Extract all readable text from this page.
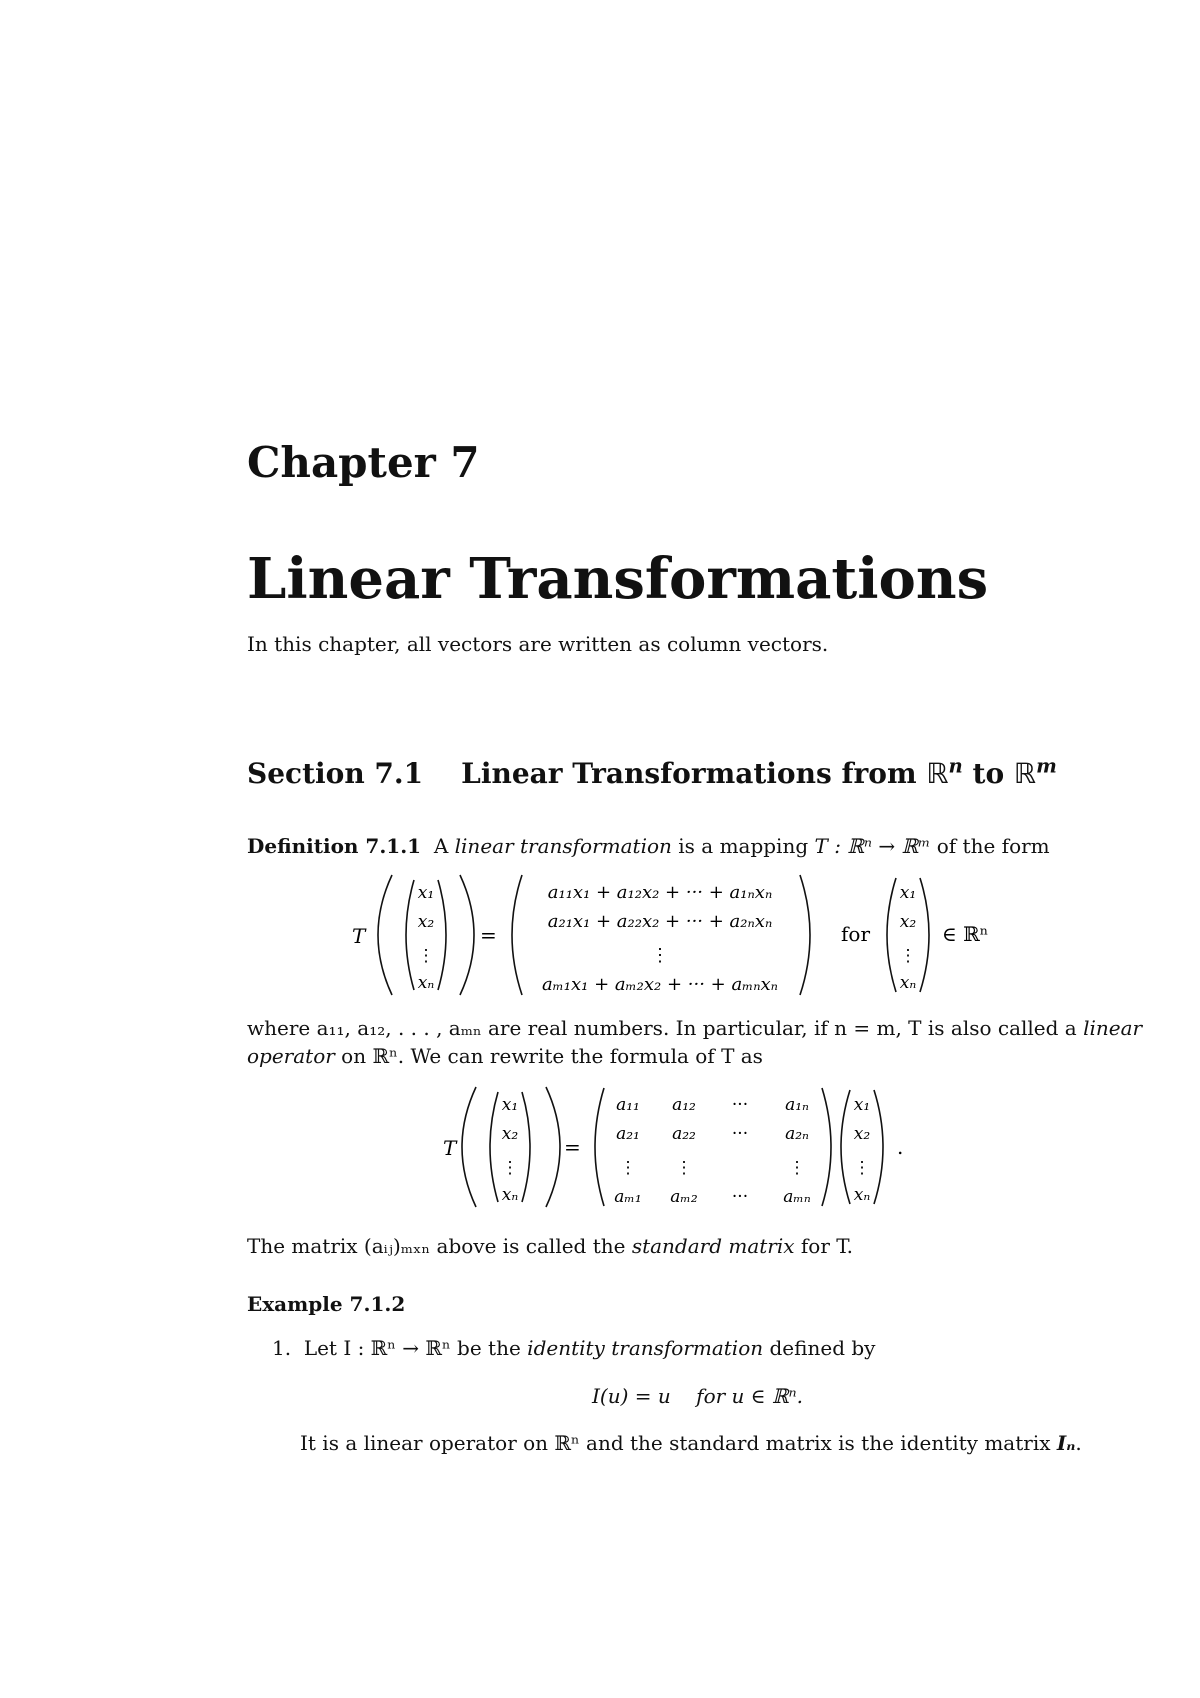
Chapter 7
Linear Transformations
In this chapter, all vectors are written as column vectors.
Section 7.1 Linear Transformations from ℝ$^n$ to ℝ$^m$
Definition 7.1.1 A linear transformation is a mapping T : ℝⁿ → ℝᵐ of the form
T
x₁
x₂
⋮
xₙ
=
a₁₁x₁ + a₁₂x₂ + ··· + a₁ₙxₙ
a₂₁x₁ + a₂₂x₂ + ··· + a₂ₙxₙ
⋮
aₘ₁x₁ + aₘ₂x₂ + ··· + aₘₙxₙ
for
x₁
x₂
⋮
xₙ
∈ ℝⁿ
where a₁₁, a₁₂, . . . , aₘₙ are real numbers. In particular, if n = m, T is also called a linear
operator on ℝⁿ. We can rewrite the formula of T as
T
x₁
x₂
⋮
xₙ
=
a₁₁ a₁₂ ··· a₁ₙ
a₂₁ a₂₂ ··· a₂ₙ
⋮ ⋮	⋮
aₘ₁ aₘ₂ ··· aₘₙ
x₁
x₂
⋮
xₙ
.
The matrix (aᵢⱼ)ₘₓₙ above is called the standard matrix for T.
Example 7.1.2
1. Let I : ℝⁿ → ℝⁿ be the identity transformation defined by
I(u) = u    for u ∈ ℝⁿ.
It is a linear operator on ℝⁿ and the standard matrix is the identity matrix Iₙ.
